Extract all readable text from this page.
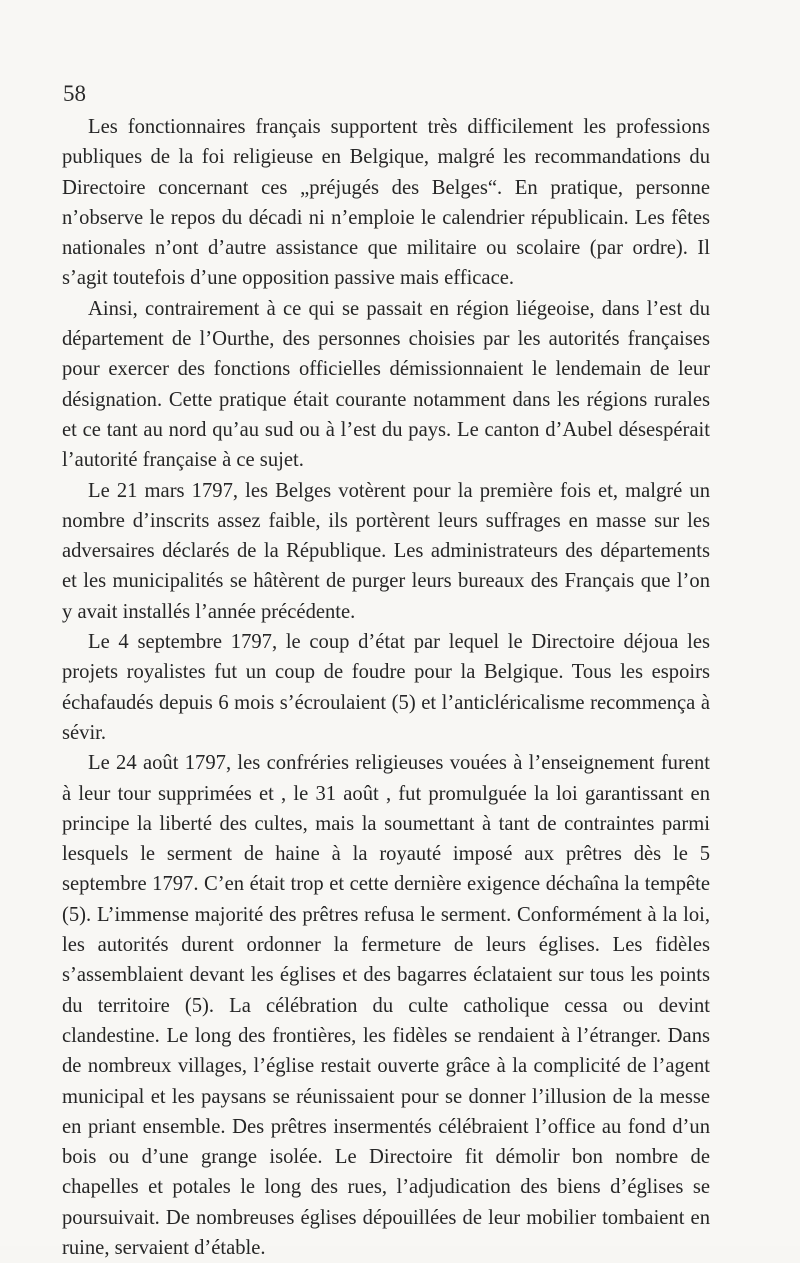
58

Les fonctionnaires français supportent très difficilement les professions publiques de la foi religieuse en Belgique, malgré les recommandations du Directoire concernant ces „préjugés des Belges“. En pratique, personne n’observe le repos du décadi ni n’emploie le calendrier républicain. Les fêtes nationales n’ont d’autre assistance que militaire ou scolaire (par ordre). Il s’agit toutefois d’une opposition passive mais efficace.

Ainsi, contrairement à ce qui se passait en région liégeoise, dans l’est du département de l’Ourthe, des personnes choisies par les autorités françaises pour exercer des fonctions officielles démissionnaient le lendemain de leur désignation. Cette pratique était courante notamment dans les régions rurales et ce tant au nord qu’au sud ou à l’est du pays. Le canton d’Aubel désespérait l’autorité française à ce sujet.

Le 21 mars 1797, les Belges votèrent pour la première fois et, malgré un nombre d’inscrits assez faible, ils portèrent leurs suffrages en masse sur les adversaires déclarés de la République. Les administrateurs des départements et les municipalités se hâtèrent de purger leurs bureaux des Français que l’on y avait installés l’année précédente.

Le 4 septembre 1797, le coup d’état par lequel le Directoire déjoua les projets royalistes fut un coup de foudre pour la Belgique. Tous les espoirs échafaudés depuis 6 mois s’écroulaient (5) et l’anticléricalisme recommença à sévir.

Le 24 août 1797, les confréries religieuses vouées à l’enseignement furent à leur tour supprimées et , le 31 août , fut promulguée la loi garantissant en principe la liberté des cultes, mais la soumettant à tant de contraintes parmi lesquels le serment de haine à la royauté imposé aux prêtres dès le 5 septembre 1797. C’en était trop et cette dernière exigence déchaîna la tempête (5). L’immense majorité des prêtres refusa le serment. Conformément à la loi, les autorités durent ordonner la fermeture de leurs églises. Les fidèles s’assemblaient devant les églises et des bagarres éclataient sur tous les points du territoire (5). La célébration du culte catholique cessa ou devint clandestine. Le long des frontières, les fidèles se rendaient à l’étranger. Dans de nombreux villages, l’église restait ouverte grâce à la complicité de l’agent municipal et les paysans se réunissaient pour se donner l’illusion de la messe en priant ensemble. Des prêtres insermentés célébraient l’office au fond d’un bois ou d’une grange isolée. Le Directoire fit démolir bon nombre de chapelles et potales le long des rues, l’adjudication des biens d’églises se poursuivait. De nombreuses églises dépouillées de leur mobilier tombaient en ruine, servaient d’étable.
